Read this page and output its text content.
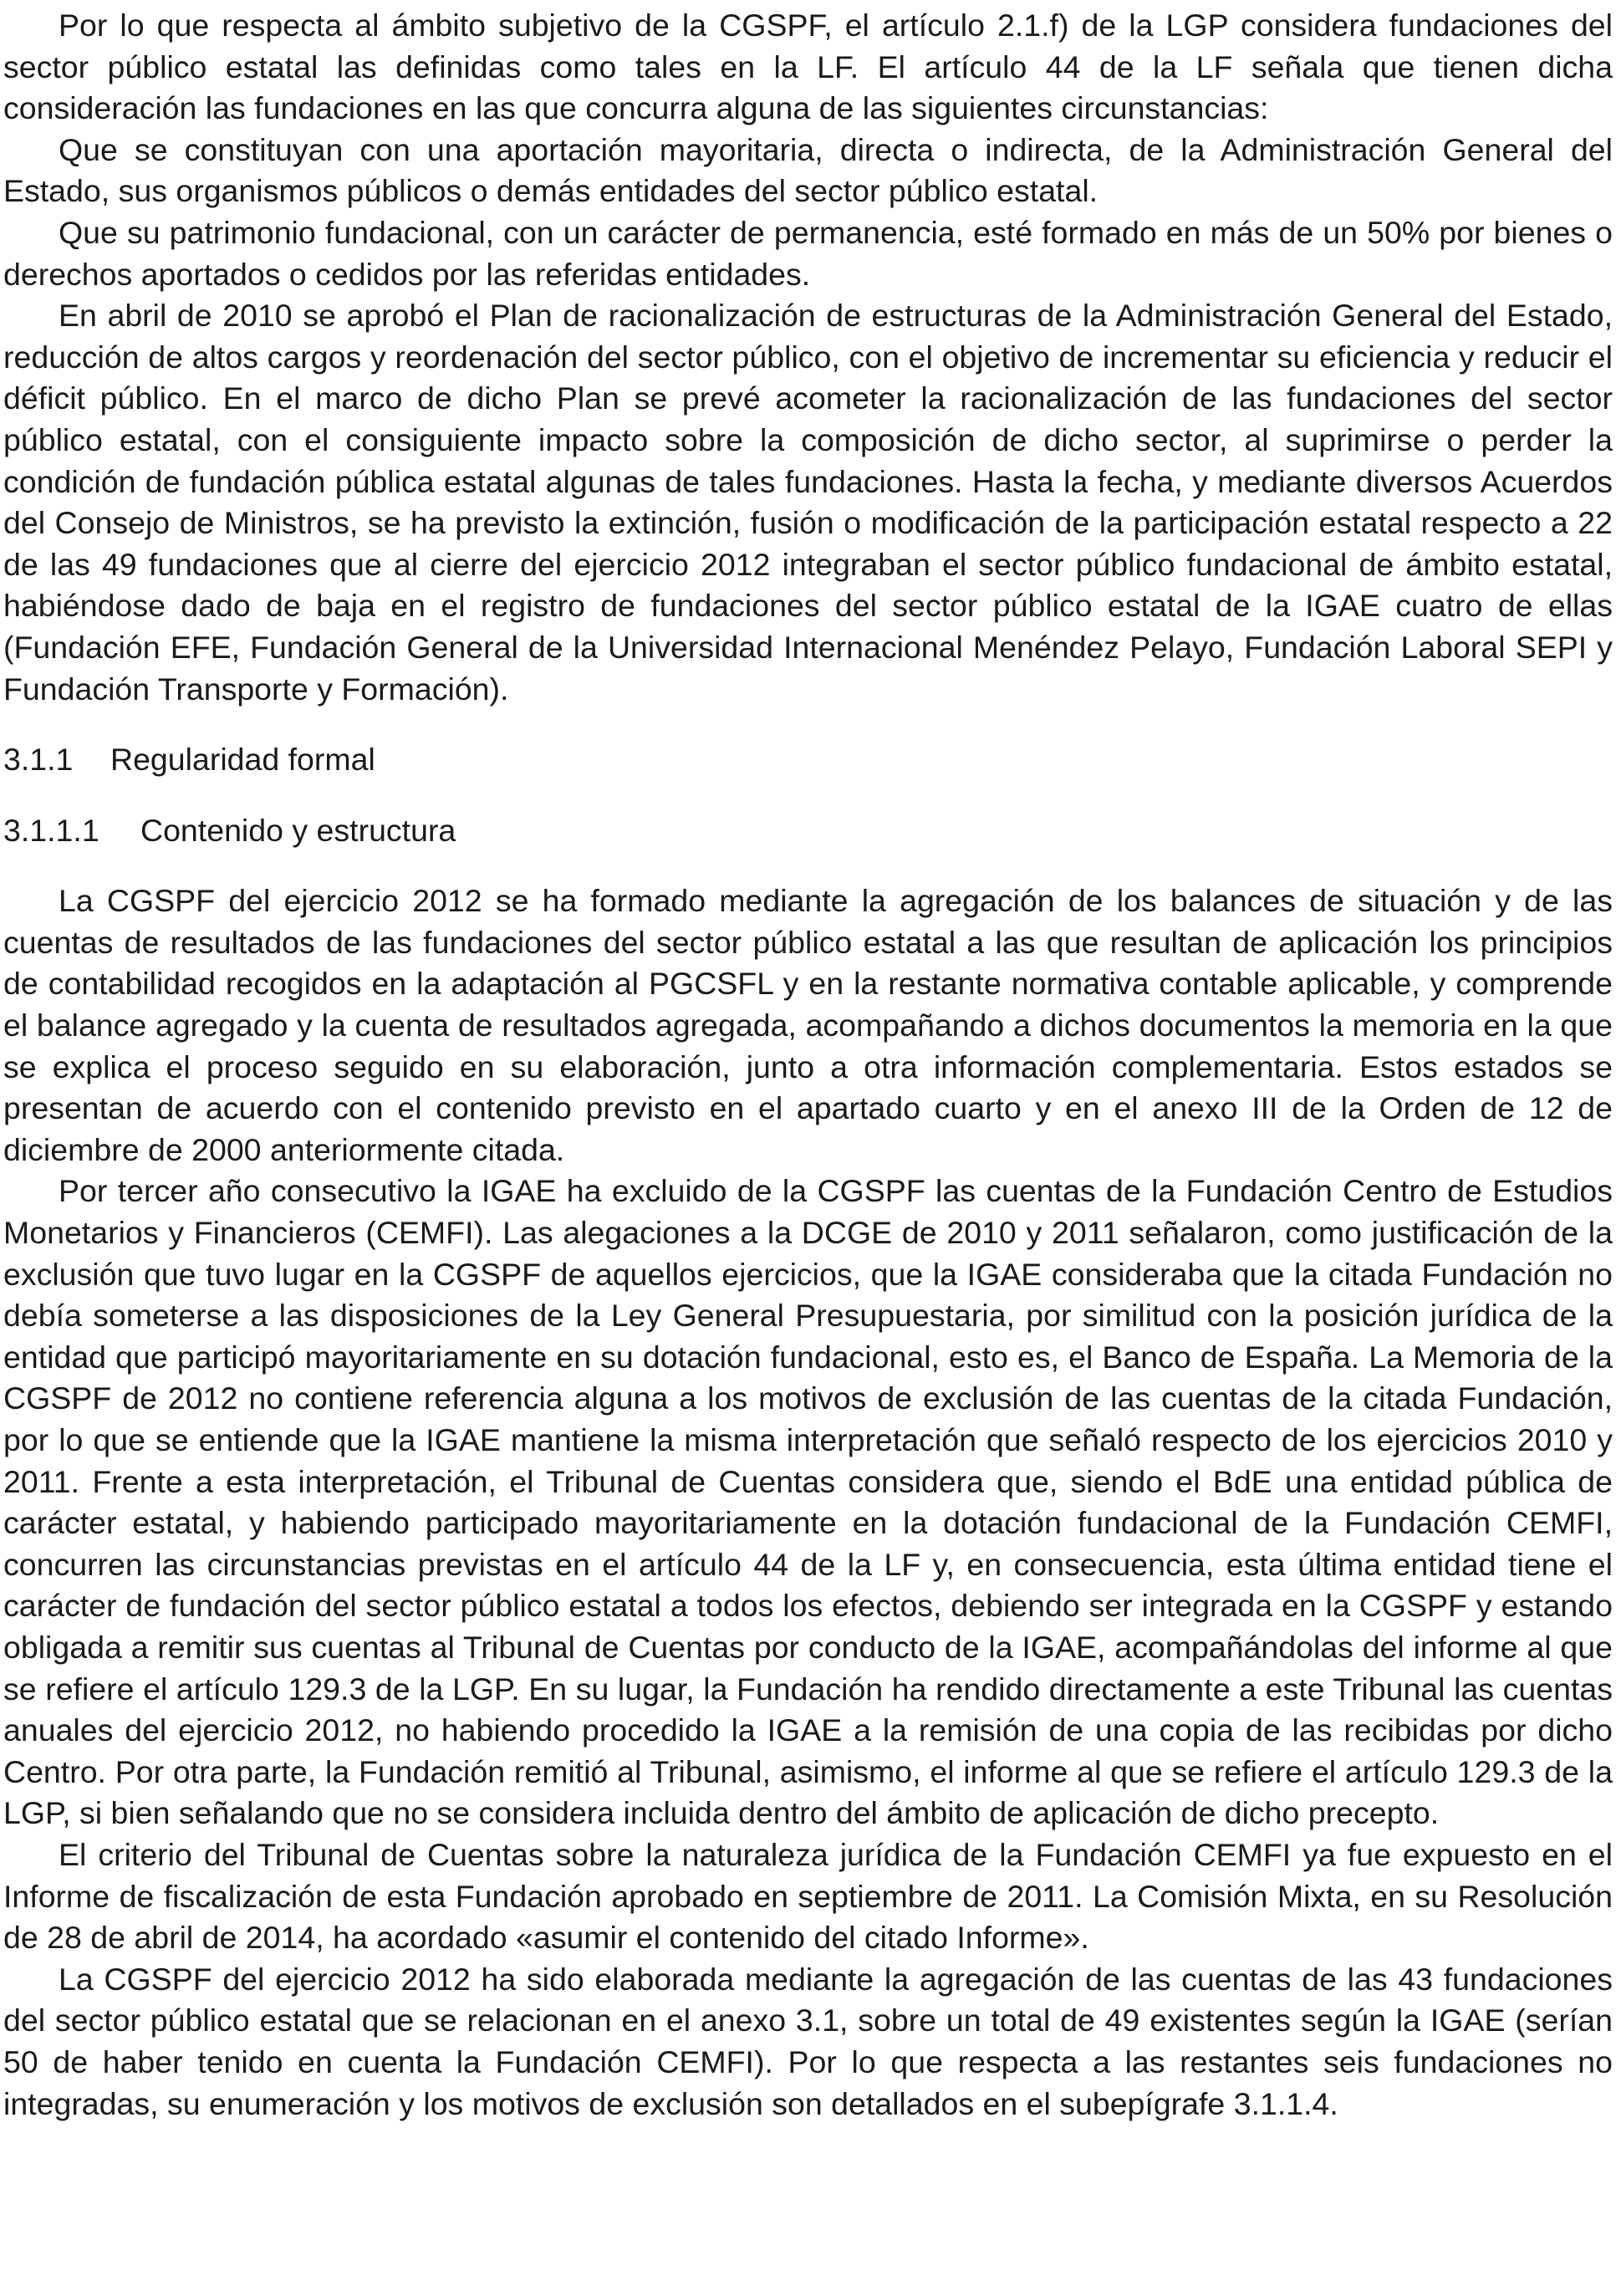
Por lo que respecta al ámbito subjetivo de la CGSPF, el artículo 2.1.f) de la LGP considera fundaciones del sector público estatal las definidas como tales en la LF. El artículo 44 de la LF señala que tienen dicha consideración las fundaciones en las que concurra alguna de las siguientes circunstancias:

Que se constituyan con una aportación mayoritaria, directa o indirecta, de la Administración General del Estado, sus organismos públicos o demás entidades del sector público estatal.

Que su patrimonio fundacional, con un carácter de permanencia, esté formado en más de un 50% por bienes o derechos aportados o cedidos por las referidas entidades.

En abril de 2010 se aprobó el Plan de racionalización de estructuras de la Administración General del Estado, reducción de altos cargos y reordenación del sector público, con el objetivo de incrementar su eficiencia y reducir el déficit público. En el marco de dicho Plan se prevé acometer la racionalización de las fundaciones del sector público estatal, con el consiguiente impacto sobre la composición de dicho sector, al suprimirse o perder la condición de fundación pública estatal algunas de tales fundaciones. Hasta la fecha, y mediante diversos Acuerdos del Consejo de Ministros, se ha previsto la extinción, fusión o modificación de la participación estatal respecto a 22 de las 49 fundaciones que al cierre del ejercicio 2012 integraban el sector público fundacional de ámbito estatal, habiéndose dado de baja en el registro de fundaciones del sector público estatal de la IGAE cuatro de ellas (Fundación EFE, Fundación General de la Universidad Internacional Menéndez Pelayo, Fundación Laboral SEPI y Fundación Transporte y Formación).

3.1.1 Regularidad formal
3.1.1.1 Contenido y estructura

La CGSPF del ejercicio 2012 se ha formado mediante la agregación de los balances de situación y de las cuentas de resultados de las fundaciones del sector público estatal a las que resultan de aplicación los principios de contabilidad recogidos en la adaptación al PGCSFL y en la restante normativa contable aplicable, y comprende el balance agregado y la cuenta de resultados agregada, acompañando a dichos documentos la memoria en la que se explica el proceso seguido en su elaboración, junto a otra información complementaria. Estos estados se presentan de acuerdo con el contenido previsto en el apartado cuarto y en el anexo III de la Orden de 12 de diciembre de 2000 anteriormente citada.

Por tercer año consecutivo la IGAE ha excluido de la CGSPF las cuentas de la Fundación Centro de Estudios Monetarios y Financieros (CEMFI). Las alegaciones a la DCGE de 2010 y 2011 señalaron, como justificación de la exclusión que tuvo lugar en la CGSPF de aquellos ejercicios, que la IGAE consideraba que la citada Fundación no debía someterse a las disposiciones de la Ley General Presupuestaria, por similitud con la posición jurídica de la entidad que participó mayoritariamente en su dotación fundacional, esto es, el Banco de España. La Memoria de la CGSPF de 2012 no contiene referencia alguna a los motivos de exclusión de las cuentas de la citada Fundación, por lo que se entiende que la IGAE mantiene la misma interpretación que señaló respecto de los ejercicios 2010 y 2011. Frente a esta interpretación, el Tribunal de Cuentas considera que, siendo el BdE una entidad pública de carácter estatal, y habiendo participado mayoritariamente en la dotación fundacional de la Fundación CEMFI, concurren las circunstancias previstas en el artículo 44 de la LF y, en consecuencia, esta última entidad tiene el carácter de fundación del sector público estatal a todos los efectos, debiendo ser integrada en la CGSPF y estando obligada a remitir sus cuentas al Tribunal de Cuentas por conducto de la IGAE, acompañándolas del informe al que se refiere el artículo 129.3 de la LGP. En su lugar, la Fundación ha rendido directamente a este Tribunal las cuentas anuales del ejercicio 2012, no habiendo procedido la IGAE a la remisión de una copia de las recibidas por dicho Centro. Por otra parte, la Fundación remitió al Tribunal, asimismo, el informe al que se refiere el artículo 129.3 de la LGP, si bien señalando que no se considera incluida dentro del ámbito de aplicación de dicho precepto.

El criterio del Tribunal de Cuentas sobre la naturaleza jurídica de la Fundación CEMFI ya fue expuesto en el Informe de fiscalización de esta Fundación aprobado en septiembre de 2011. La Comisión Mixta, en su Resolución de 28 de abril de 2014, ha acordado «asumir el contenido del citado Informe».

La CGSPF del ejercicio 2012 ha sido elaborada mediante la agregación de las cuentas de las 43 fundaciones del sector público estatal que se relacionan en el anexo 3.1, sobre un total de 49 existentes según la IGAE (serían 50 de haber tenido en cuenta la Fundación CEMFI). Por lo que respecta a las restantes seis fundaciones no integradas, su enumeración y los motivos de exclusión son detallados en el subepígrafe 3.1.1.4.
